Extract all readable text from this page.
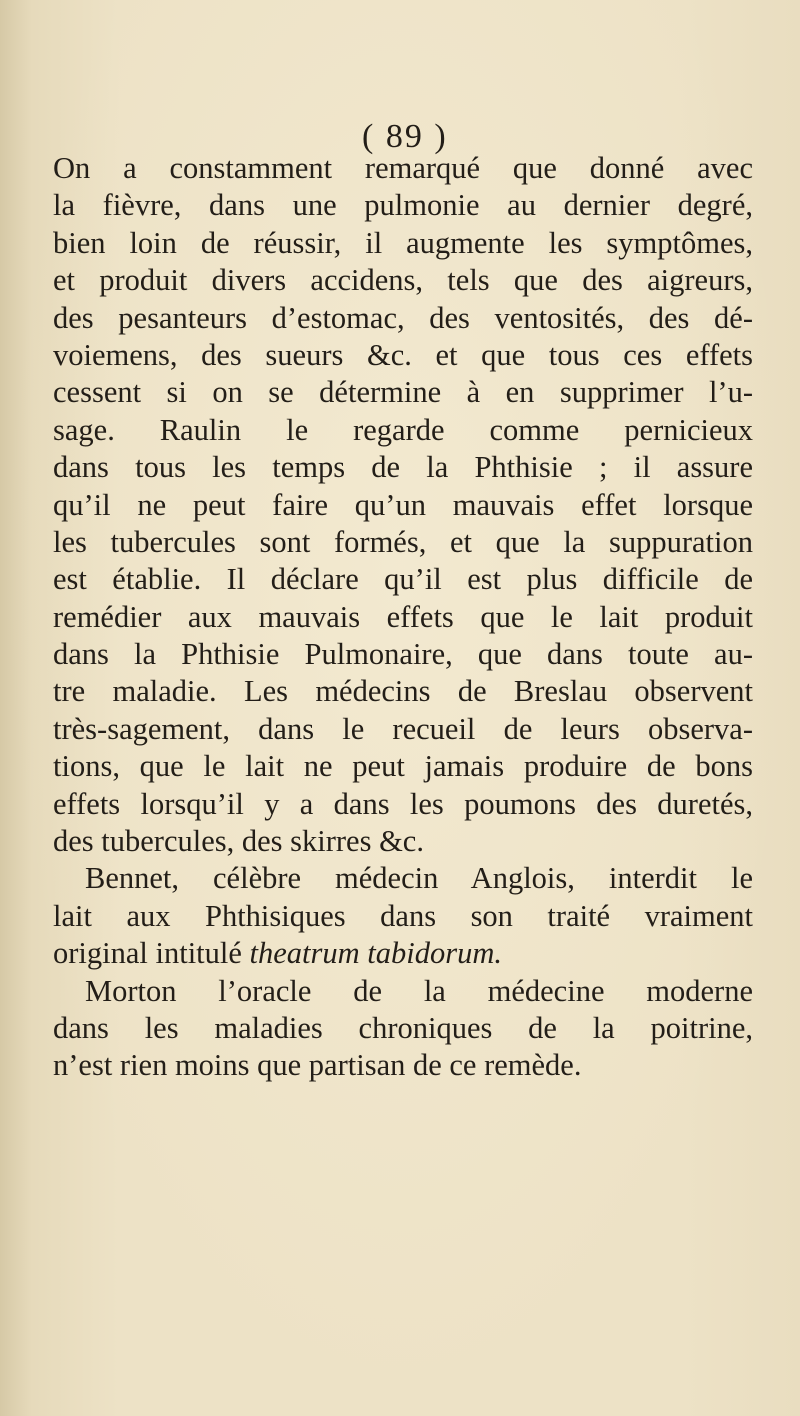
( 89 )
On a constamment remarqué que donné avec
la fièvre, dans une pulmonie au dernier degré,
bien loin de réussir, il augmente les symptômes,
et produit divers accidens, tels que des aigreurs,
des pesanteurs d’estomac, des ventosités, des dé-
voiemens, des sueurs &c. et que tous ces effets
cessent si on se détermine à en supprimer l’u-
sage. Raulin le regarde comme pernicieux
dans tous les temps de la Phthisie ; il assure
qu’il ne peut faire qu’un mauvais effet lorsque
les tubercules sont formés, et que la suppuration
est établie. Il déclare qu’il est plus difficile de
remédier aux mauvais effets que le lait produit
dans la Phthisie Pulmonaire, que dans toute au-
tre maladie. Les médecins de Breslau observent
très-sagement, dans le recueil de leurs observa-
tions, que le lait ne peut jamais produire de bons
effets lorsqu’il y a dans les poumons des duretés,
des tubercules, des skirres &c.
Bennet, célèbre médecin Anglois, interdit le
lait aux Phthisiques dans son traité vraiment
original intitulé theatrum tabidorum.
Morton l’oracle de la médecine moderne
dans les maladies chroniques de la poitrine,
n’est rien moins que partisan de ce remède.
